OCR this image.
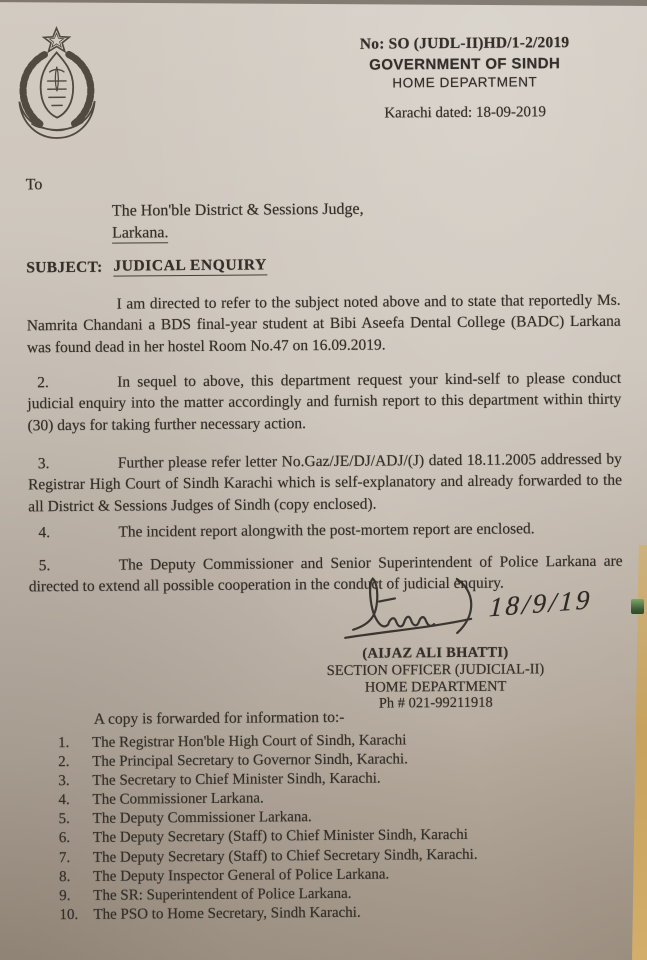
No: SO (JUDL-II)HD/1-2/2019
GOVERNMENT OF SINDH
HOME DEPARTMENT
Karachi dated: 18-09-2019
To
The Hon'ble District & Sessions Judge,
Larkana.
SUBJECT: JUDICAL ENQUIRY
I am directed to refer to the subject noted above and to state that reportedly Ms. Namrita Chandani a BDS final-year student at Bibi Aseefa Dental College (BADC) Larkana was found dead in her hostel Room No.47 on 16.09.2019.
2.	In sequel to above, this department request your kind-self to please conduct judicial enquiry into the matter accordingly and furnish report to this department within thirty (30) days for taking further necessary action.
3.	Further please refer letter No.Gaz/JE/DJ/ADJ/(J) dated 18.11.2005 addressed by Registrar High Court of Sindh Karachi which is self-explanatory and already forwarded to the all District & Sessions Judges of Sindh (copy enclosed).
4.	The incident report alongwith the post-mortem report are enclosed.
5.	The Deputy Commissioner and Senior Superintendent of Police Larkana are directed to extend all possible cooperation in the conduct of judicial enquiry.
18/9/19
(AIJAZ ALI BHATTI)
SECTION OFFICER (JUDICIAL-II)
HOME DEPARTMENT
Ph # 021-99211918
A copy is forwarded for information to:-
1. The Registrar Hon'ble High Court of Sindh, Karachi
2. The Principal Secretary to Governor Sindh, Karachi.
3. The Secretary to Chief Minister Sindh, Karachi.
4. The Commissioner Larkana.
5. The Deputy Commissioner Larkana.
6. The Deputy Secretary (Staff) to Chief Minister Sindh, Karachi
7. The Deputy Secretary (Staff) to Chief Secretary Sindh, Karachi.
8. The Deputy Inspector General of Police Larkana.
9. The SR: Superintendent of Police Larkana.
10. The PSO to Home Secretary, Sindh Karachi.
